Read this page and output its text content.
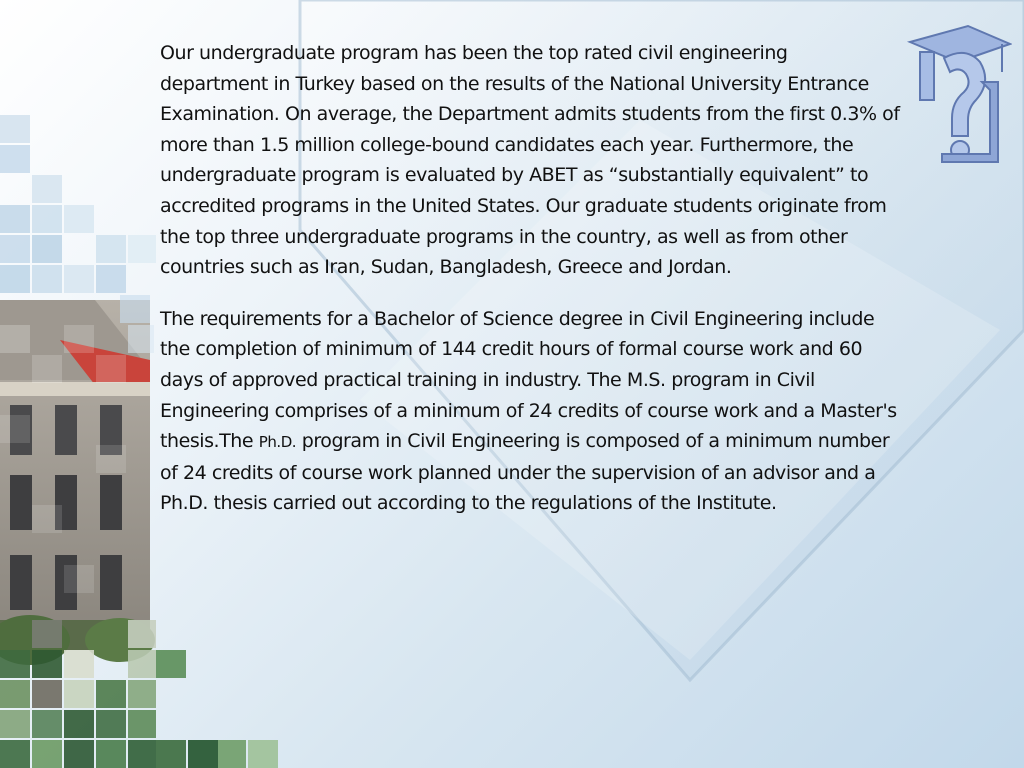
Our undergraduate program has been the top rated civil engineering department in Turkey based on the results of the National University Entrance Examination. On average, the Department admits students from the first 0.3% of more than 1.5 million college-bound candidates each year. Furthermore, the undergraduate program is evaluated by ABET as “substantially equivalent” to accredited programs in the United States. Our graduate students originate from the top three undergraduate programs in the country, as well as from other countries such as Iran, Sudan, Bangladesh, Greece and Jordan.

The requirements for a Bachelor of Science degree in Civil Engineering include the completion of minimum of 144 credit hours of formal course work and 60 days of approved practical training in industry. The M.S. program in Civil Engineering comprises of a minimum of 24 credits of course work and a Master's thesis.The Ph.D. program in Civil Engineering is composed of a minimum number of 24 credits of course work planned under the supervision of an advisor and a Ph.D. thesis carried out according to the regulations of the Institute.
